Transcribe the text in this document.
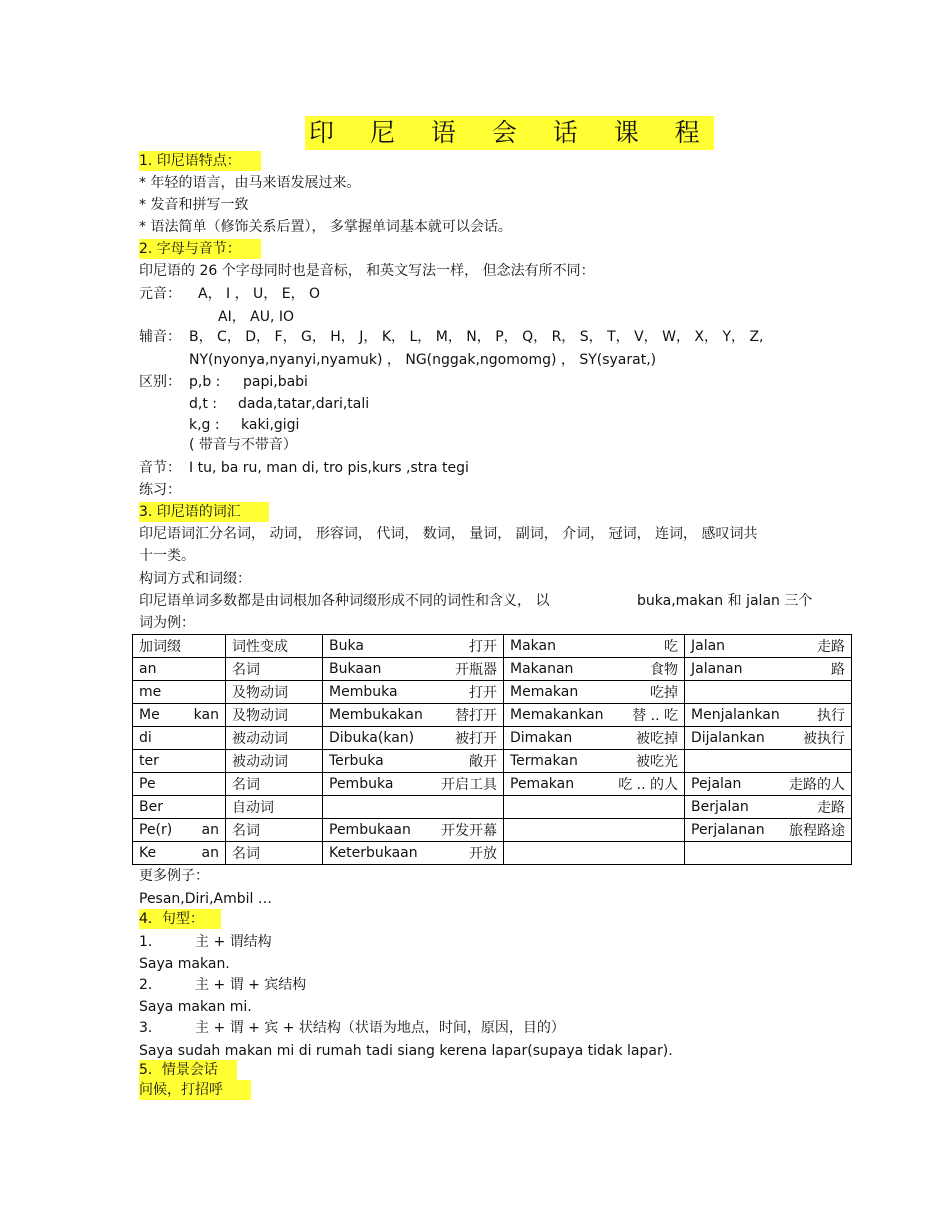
印 尼 语 会 话 课 程
1. 印尼语特点：
* 年轻的语言，由马来语发展过来。
* 发音和拼写一致
* 语法简单（修饰关系后置）， 多掌握单词基本就可以会话。
2. 字母与音节：
印尼语的 26 个字母同时也是音标， 和英文写法一样， 但念法有所不同：
元音： A， I ， U， E， O
AI， AU, IO
辅音： B， C， D， F， G， H， J， K， L， M， N， P， Q， R， S， T， V， W， X， Y， Z,
NY(nyonya,nyanyi,nyamuk) ， NG(nggak,ngomomg) ， SY(syarat,)
区别： p,b : papi,babi
d,t : dada,tatar,dari,tali
k,g : kaki,gigi
( 带音与不带音）
音节： I tu, ba ru, man di, tro pis,kurs ,stra tegi
练习：
3. 印尼语的词汇
印尼语词汇分名词， 动词， 形容词， 代词， 数词， 量词， 副词， 介词， 冠词， 连词， 感叹词共
十一类。
构词方式和词缀：
印尼语单词多数都是由词根加各种词缀形成不同的词性和含义， 以	buka,makan 和 jalan 三个
词为例：
加词缀	词性变成	Buka 打开	Makan 吃	Jalan 走路

an	名词	Bukaan 开瓶器	Makanan 食物	Jalanan 路

me	及物动词	Membuka 打开	Memakan 吃掉	

Me kan	及物动词	Membukakan 替打开	Memakankan 替 .. 吃	Menjalankan 执行

di	被动动词	Dibuka(kan) 被打开	Dimakan 被吃掉	Dijalankan 被执行

ter	被动动词	Terbuka 敞开	Termakan 被吃光	

Pe	名词	Pembuka 开启工具	Pemakan 吃 .. 的人	Pejalan 走路的人

Ber	自动词			Berjalan 走路

Pe(r) an	名词	Pembukaan 开发开幕		Perjalanan 旅程路途

Ke an	名词	Keterbukaan 开放		

更多例子：
Pesan,Diri,Ambil …
4．句型：
1． 主 + 谓结构
Saya makan.
2． 主 + 谓 + 宾结构
Saya makan mi.
3． 主 + 谓 + 宾 + 状结构（状语为地点，时间，原因，目的）
Saya sudah makan mi di rumah tadi siang kerena lapar(supaya tidak lapar).
5．情景会话
问候，打招呼
